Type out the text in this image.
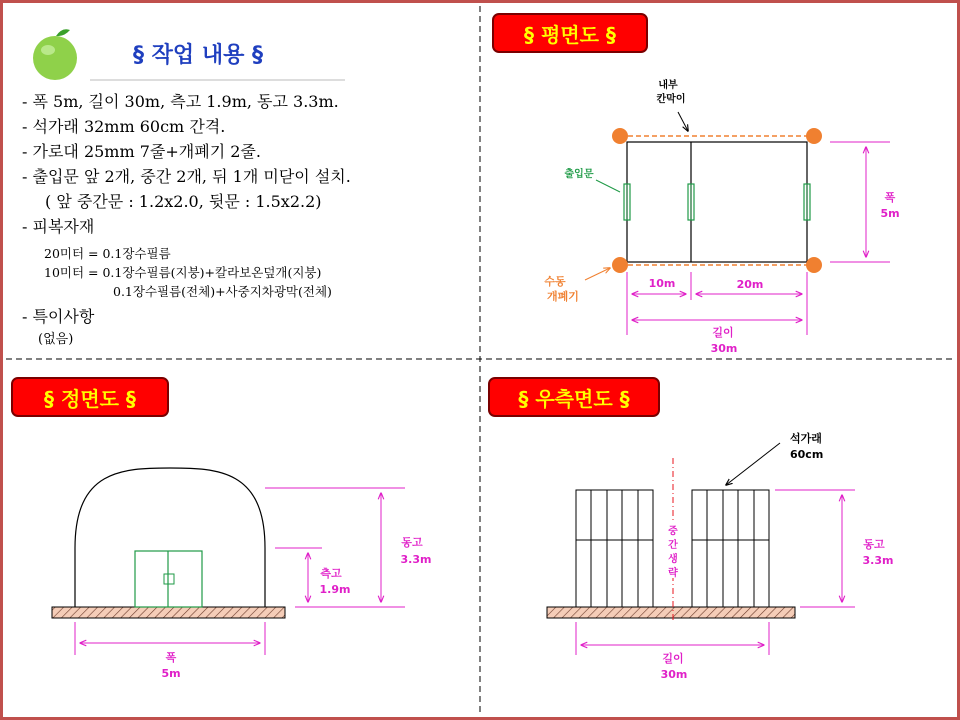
§ 작업 내용 §
- 폭 5m, 길이 30m, 측고 1.9m, 동고 3.3m.
- 석가래 32mm 60cm 간격.
- 가로대 25mm 7줄+개폐기 2줄.
- 출입문 앞 2개, 중간 2개, 뒤 1개 미닫이 설치.
( 앞 중간문 : 1.2x2.0, 뒷문 : 1.5x2.2)
- 피복자재
20미터 = 0.1장수필름
10미터 = 0.1장수필름(지붕)+칼라보온덮개(지붕)
0.1장수필름(전체)+사중지차광막(전체)
- 특이사항
(없음)
§ 평면도 §
내부
칸막이
출입문
수동
개폐기
폭
5m
10m	20m
길이
30m
§ 정면도 §
측고
1.9m
동고
3.3m
폭
5m
§ 우측면도 §
중
간
생
략
석가래
60cm
동고
3.3m
길이
30m
